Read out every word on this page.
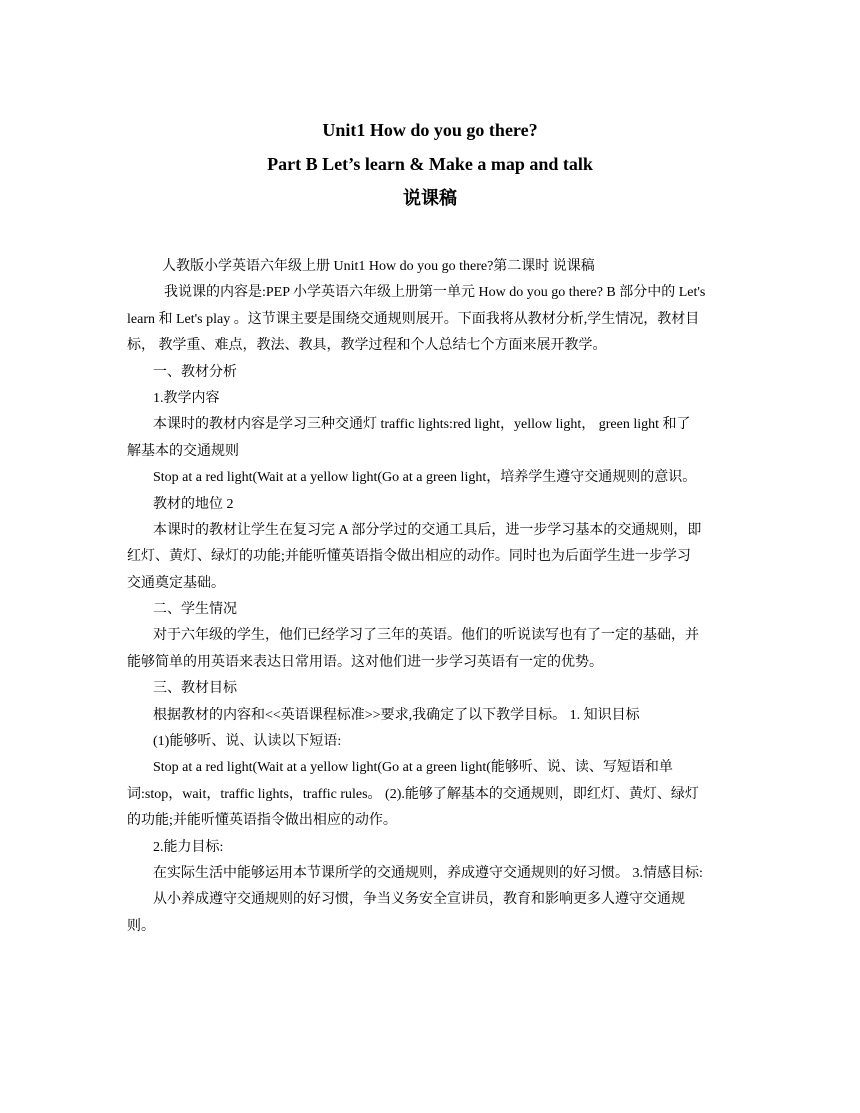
Unit1 How do you go there?
Part B Let’s learn & Make a map and talk
说课稿

人教版小学英语六年级上册 Unit1 How do you go there?第二课时 说课稿

我说课的内容是:PEP 小学英语六年级上册第一单元 How do you go there? B 部分中的 Let's

learn 和 Let's play 。这节课主要是围绕交通规则展开。下面我将从教材分析,学生情况，教材目

标， 教学重、难点，教法、教具，教学过程和个人总结七个方面来展开教学。

一、教材分析

1.教学内容

本课时的教材内容是学习三种交通灯 traffic lights:red light，yellow light， green light 和了

解基本的交通规则

Stop at a red light(Wait at a yellow light(Go at a green light，培养学生遵守交通规则的意识。

教材的地位 2

本课时的教材让学生在复习完 A 部分学过的交通工具后，进一步学习基本的交通规则，即

红灯、黄灯、绿灯的功能;并能听懂英语指令做出相应的动作。同时也为后面学生进一步学习

交通奠定基础。

二、学生情况

对于六年级的学生，他们已经学习了三年的英语。他们的听说读写也有了一定的基础，并

能够简单的用英语来表达日常用语。这对他们进一步学习英语有一定的优势。

三、教材目标

根据教材的内容和<<英语课程标准>>要求,我确定了以下教学目标。 1. 知识目标

(1)能够听、说、认读以下短语:

Stop at a red light(Wait at a yellow light(Go at a green light(能够听、说、读、写短语和单

词:stop，wait，traffic lights，traffic rules。 (2).能够了解基本的交通规则，即红灯、黄灯、绿灯

的功能;并能听懂英语指令做出相应的动作。

2.能力目标:

在实际生活中能够运用本节课所学的交通规则，养成遵守交通规则的好习惯。 3.情感目标:

从小养成遵守交通规则的好习惯，争当义务安全宣讲员，教育和影响更多人遵守交通规

则。
